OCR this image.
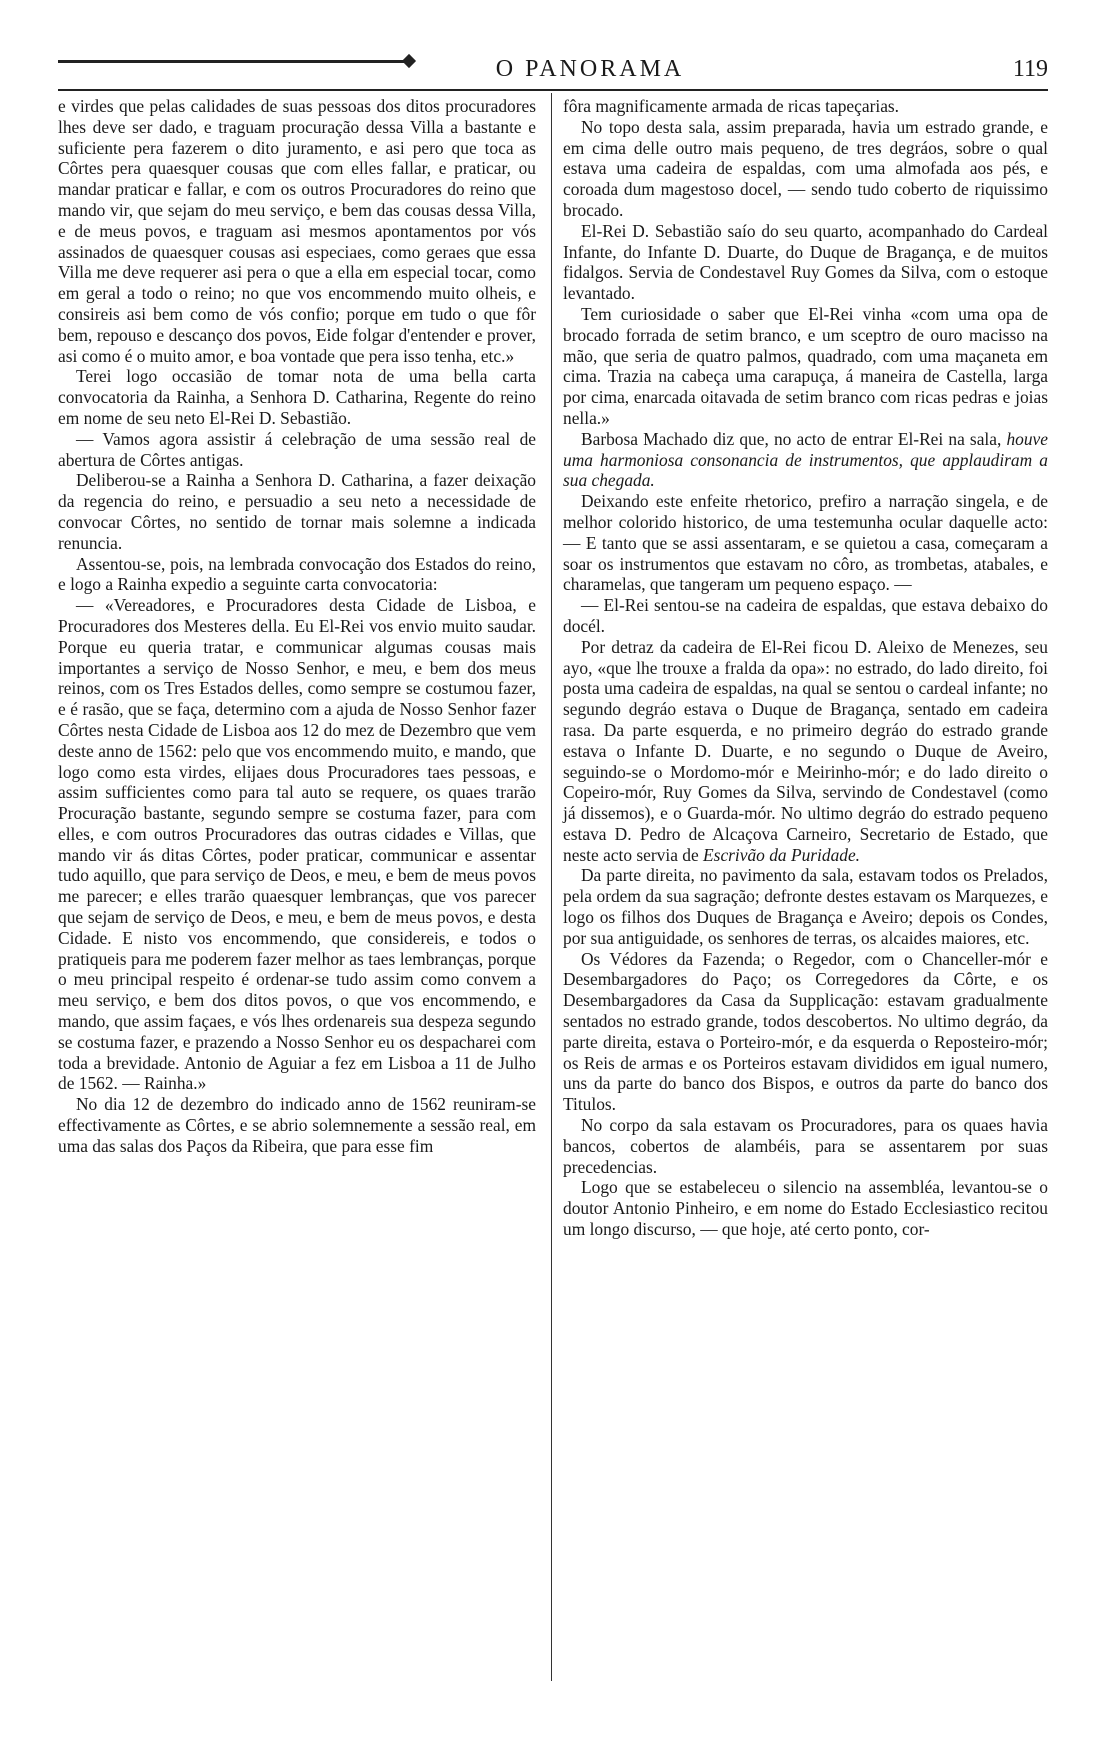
O PANORAMA	119

e virdes que pelas calidades de suas pessoas dos ditos procuradores lhes deve ser dado, e traguam procuração dessa Villa a bastante e suficiente pera fazerem o dito juramento, e asi pero que toca as Côrtes pera quaesquer cousas que com elles fallar, e praticar, ou mandar praticar e fallar, e com os outros Procuradores do reino que mando vir, que sejam do meu serviço, e bem das cousas dessa Villa, e de meus povos, e traguam asi mesmos apontamentos por vós assinados de quaesquer cousas asi especiaes, como geraes que essa Villa me deve requerer asi pera o que a ella em especial tocar, como em geral a todo o reino; no que vos encommendo muito olheis, e consireis asi bem como de vós confio; porque em tudo o que fôr bem, repouso e descanço dos povos, Eide folgar d'entender e prover, asi como é o muito amor, e boa vontade que pera isso tenha, etc.»

Terei logo occasião de tomar nota de uma bella carta convocatoria da Rainha, a Senhora D. Catharina, Regente do reino em nome de seu neto El-Rei D. Sebastião.

— Vamos agora assistir á celebração de uma sessão real de abertura de Côrtes antigas.

Deliberou-se a Rainha a Senhora D. Catharina, a fazer deixação da regencia do reino, e persuadio a seu neto a necessidade de convocar Côrtes, no sentido de tornar mais solemne a indicada renuncia.

Assentou-se, pois, na lembrada convocação dos Estados do reino, e logo a Rainha expedio a seguinte carta convocatoria:

— «Vereadores, e Procuradores desta Cidade de Lisboa, e Procuradores dos Mesteres della. Eu El-Rei vos envio muito saudar. Porque eu queria tratar, e communicar algumas cousas mais importantes a serviço de Nosso Senhor, e meu, e bem dos meus reinos, com os Tres Estados delles, como sempre se costumou fazer, e é rasão, que se faça, determino com a ajuda de Nosso Senhor fazer Côrtes nesta Cidade de Lisboa aos 12 do mez de Dezembro que vem deste anno de 1562: pelo que vos encommendo muito, e mando, que logo como esta virdes, elijaes dous Procuradores taes pessoas, e assim sufficientes como para tal auto se requere, os quaes trarão Procuração bastante, segundo sempre se costuma fazer, para com elles, e com outros Procuradores das outras cidades e Villas, que mando vir ás ditas Côrtes, poder praticar, communicar e assentar tudo aquillo, que para serviço de Deos, e meu, e bem de meus povos me parecer; e elles trarão quaesquer lembranças, que vos parecer que sejam de serviço de Deos, e meu, e bem de meus povos, e desta Cidade. E nisto vos encommendo, que considereis, e todos o pratiqueis para me poderem fazer melhor as taes lembranças, porque o meu principal respeito é ordenar-se tudo assim como convem a meu serviço, e bem dos ditos povos, o que vos encommendo, e mando, que assim façaes, e vós lhes ordenareis sua despeza segundo se costuma fazer, e prazendo a Nosso Senhor eu os despacharei com toda a brevidade. Antonio de Aguiar a fez em Lisboa a 11 de Julho de 1562. — Rainha.»

No dia 12 de dezembro do indicado anno de 1562 reuniram-se effectivamente as Côrtes, e se abrio solemnemente a sessão real, em uma das salas dos Paços da Ribeira, que para esse fim

fôra magnificamente armada de ricas tapeçarias.

No topo desta sala, assim preparada, havia um estrado grande, e em cima delle outro mais pequeno, de tres degráos, sobre o qual estava uma cadeira de espaldas, com uma almofada aos pés, e coroada dum magestoso docel, — sendo tudo coberto de riquissimo brocado.

El-Rei D. Sebastião saío do seu quarto, acompanhado do Cardeal Infante, do Infante D. Duarte, do Duque de Bragança, e de muitos fidalgos. Servia de Condestavel Ruy Gomes da Silva, com o estoque levantado.

Tem curiosidade o saber que El-Rei vinha «com uma opa de brocado forrada de setim branco, e um sceptro de ouro macisso na mão, que seria de quatro palmos, quadrado, com uma maçaneta em cima. Trazia na cabeça uma carapuça, á maneira de Castella, larga por cima, enarcada oitavada de setim branco com ricas pedras e joias nella.»

Barbosa Machado diz que, no acto de entrar El-Rei na sala, houve uma harmoniosa consonancia de instrumentos, que applaudiram a sua chegada.

Deixando este enfeite rhetorico, prefiro a narração singela, e de melhor colorido historico, de uma testemunha ocular daquelle acto: — E tanto que se assi assentaram, e se quietou a casa, começaram a soar os instrumentos que estavam no côro, as trombetas, atabales, e charamelas, que tangeram um pequeno espaço. —

— El-Rei sentou-se na cadeira de espaldas, que estava debaixo do docél.

Por detraz da cadeira de El-Rei ficou D. Aleixo de Menezes, seu ayo, «que lhe trouxe a fralda da opa»: no estrado, do lado direito, foi posta uma cadeira de espaldas, na qual se sentou o cardeal infante; no segundo degráo estava o Duque de Bragança, sentado em cadeira rasa. Da parte esquerda, e no primeiro degráo do estrado grande estava o Infante D. Duarte, e no segundo o Duque de Aveiro, seguindo-se o Mordomo-mór e Meirinho-mór; e do lado direito o Copeiro-mór, Ruy Gomes da Silva, servindo de Condestavel (como já dissemos), e o Guarda-mór. No ultimo degráo do estrado pequeno estava D. Pedro de Alcaçova Carneiro, Secretario de Estado, que neste acto servia de Escrivão da Puridade.

Da parte direita, no pavimento da sala, estavam todos os Prelados, pela ordem da sua sagração; defronte destes estavam os Marquezes, e logo os filhos dos Duques de Bragança e Aveiro; depois os Condes, por sua antiguidade, os senhores de terras, os alcaides maiores, etc.

Os Védores da Fazenda; o Regedor, com o Chanceller-mór e Desembargadores do Paço; os Corregedores da Côrte, e os Desembargadores da Casa da Supplicação: estavam gradualmente sentados no estrado grande, todos descobertos. No ultimo degráo, da parte direita, estava o Porteiro-mór, e da esquerda o Reposteiro-mór; os Reis de armas e os Porteiros estavam divididos em igual numero, uns da parte do banco dos Bispos, e outros da parte do banco dos Titulos.

No corpo da sala estavam os Procuradores, para os quaes havia bancos, cobertos de alambéis, para se assentarem por suas precedencias.

Logo que se estabeleceu o silencio na assembléa, levantou-se o doutor Antonio Pinheiro, e em nome do Estado Ecclesiastico recitou um longo discurso, — que hoje, até certo ponto, cor-
